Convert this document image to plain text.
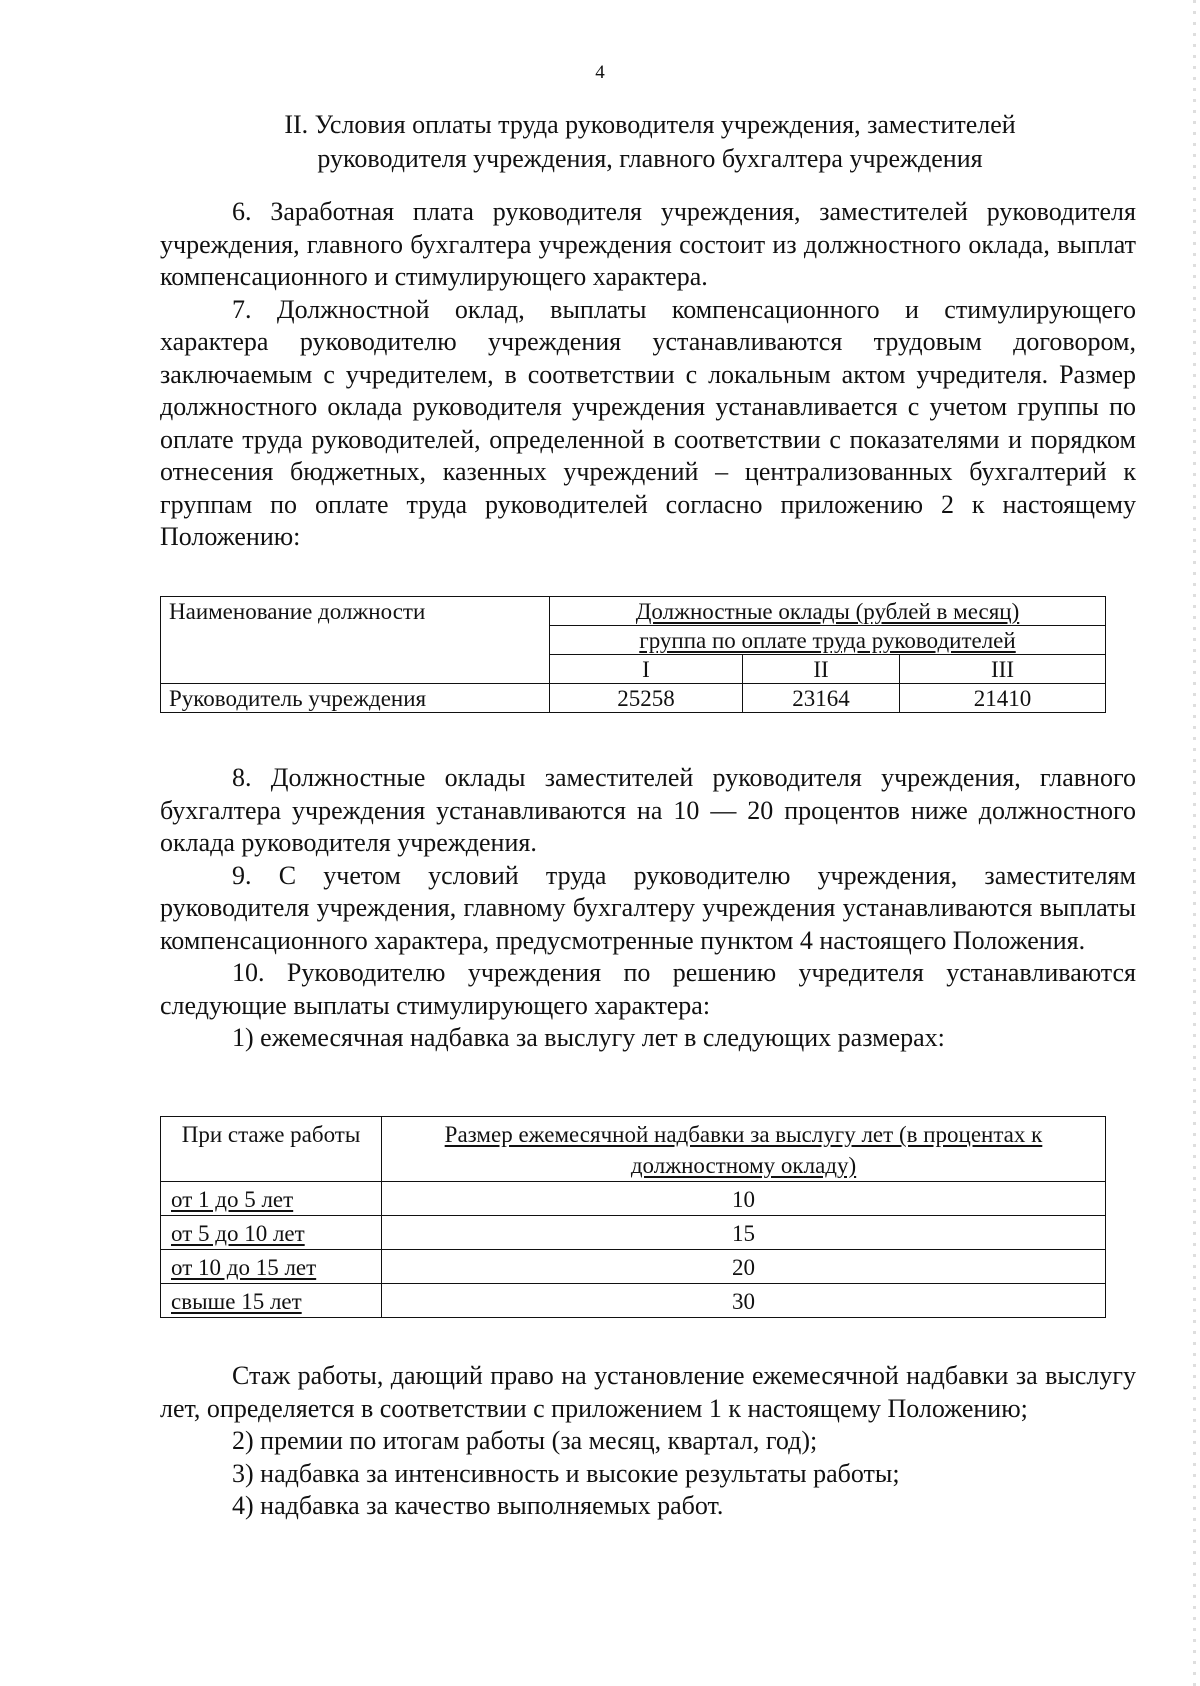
4
II. Условия оплаты труда руководителя учреждения, заместителей
руководителя учреждения, главного бухгалтера учреждения

6. Заработная плата руководителя учреждения, заместителей руководителя учреждения, главного бухгалтера учреждения состоит из должностного оклада, выплат компенсационного и стимулирующего характера.

7. Должностной оклад, выплаты компенсационного и стимулирующего характера руководителю учреждения устанавливаются трудовым договором, заключаемым с учредителем, в соответствии с локальным актом учредителя. Размер должностного оклада руководителя учреждения устанавливается с учетом группы по оплате труда руководителей, определенной в соответствии с показателями и порядком отнесения бюджетных, казенных учреждений – централизованных бухгалтерий к группам по оплате труда руководителей согласно приложению 2 к настоящему Положению:

Наименование должности	Должностные оклады (рублей в месяц)		
	группа по оплате труда руководителей		
	I	II	III
Руководитель учреждения	25258	23164	21410

8. Должностные оклады заместителей руководителя учреждения, главного бухгалтера учреждения устанавливаются на 10 — 20 процентов ниже должностного оклада руководителя учреждения.

9. С учетом условий труда руководителю учреждения, заместителям руководителя учреждения, главному бухгалтеру учреждения устанавливаются выплаты компенсационного характера, предусмотренные пунктом 4 настоящего Положения.

10. Руководителю учреждения по решению учредителя устанавливаются следующие выплаты стимулирующего характера:

1) ежемесячная надбавка за выслугу лет в следующих размерах:

При стаже работы	Размер ежемесячной надбавки за выслугу лет (в процентах к должностному окладу)
от 1 до 5 лет	10
от 5 до 10 лет	15
от 10 до 15 лет	20
свыше 15 лет	30

Стаж работы, дающий право на установление ежемесячной надбавки за выслугу лет, определяется в соответствии с приложением 1 к настоящему Положению;

2) премии по итогам работы (за месяц, квартал, год);

3) надбавка за интенсивность и высокие результаты работы;

4) надбавка за качество выполняемых работ.
